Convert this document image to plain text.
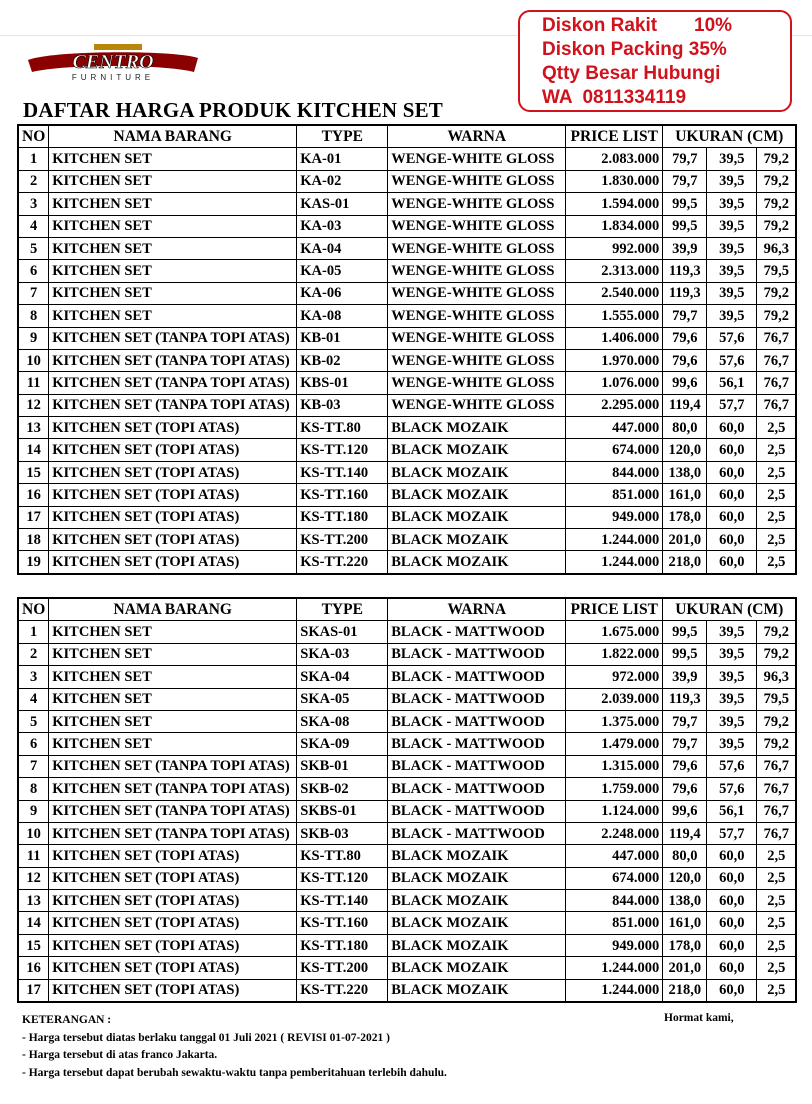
CENTRO
FURNITURE
Diskon Rakit       10%
Diskon Packing 35%
Qtty Besar Hubungi
WA  0811334119
DAFTAR HARGA PRODUK KITCHEN SET
NO	NAMA BARANG	TYPE	WARNA	PRICE LIST	UKURAN (CM)		
1	KITCHEN SET	KA-01	WENGE-WHITE GLOSS	2.083.000	79,7	39,5	79,2
2	KITCHEN SET	KA-02	WENGE-WHITE GLOSS	1.830.000	79,7	39,5	79,2
3	KITCHEN SET	KAS-01	WENGE-WHITE GLOSS	1.594.000	99,5	39,5	79,2
4	KITCHEN SET	KA-03	WENGE-WHITE GLOSS	1.834.000	99,5	39,5	79,2
5	KITCHEN SET	KA-04	WENGE-WHITE GLOSS	992.000	39,9	39,5	96,3
6	KITCHEN SET	KA-05	WENGE-WHITE GLOSS	2.313.000	119,3	39,5	79,5
7	KITCHEN SET	KA-06	WENGE-WHITE GLOSS	2.540.000	119,3	39,5	79,2
8	KITCHEN SET	KA-08	WENGE-WHITE GLOSS	1.555.000	79,7	39,5	79,2
9	KITCHEN SET (TANPA TOPI ATAS)	KB-01	WENGE-WHITE GLOSS	1.406.000	79,6	57,6	76,7
10	KITCHEN SET (TANPA TOPI ATAS)	KB-02	WENGE-WHITE GLOSS	1.970.000	79,6	57,6	76,7
11	KITCHEN SET (TANPA TOPI ATAS)	KBS-01	WENGE-WHITE GLOSS	1.076.000	99,6	56,1	76,7
12	KITCHEN SET (TANPA TOPI ATAS)	KB-03	WENGE-WHITE GLOSS	2.295.000	119,4	57,7	76,7
13	KITCHEN SET (TOPI ATAS)	KS-TT.80	BLACK MOZAIK	447.000	80,0	60,0	2,5
14	KITCHEN SET (TOPI ATAS)	KS-TT.120	BLACK MOZAIK	674.000	120,0	60,0	2,5
15	KITCHEN SET (TOPI ATAS)	KS-TT.140	BLACK MOZAIK	844.000	138,0	60,0	2,5
16	KITCHEN SET (TOPI ATAS)	KS-TT.160	BLACK MOZAIK	851.000	161,0	60,0	2,5
17	KITCHEN SET (TOPI ATAS)	KS-TT.180	BLACK MOZAIK	949.000	178,0	60,0	2,5
18	KITCHEN SET (TOPI ATAS)	KS-TT.200	BLACK MOZAIK	1.244.000	201,0	60,0	2,5
19	KITCHEN SET (TOPI ATAS)	KS-TT.220	BLACK MOZAIK	1.244.000	218,0	60,0	2,5
NO	NAMA BARANG	TYPE	WARNA	PRICE LIST	UKURAN (CM)		
1	KITCHEN SET	SKAS-01	BLACK - MATTWOOD	1.675.000	99,5	39,5	79,2
2	KITCHEN SET	SKA-03	BLACK - MATTWOOD	1.822.000	99,5	39,5	79,2
3	KITCHEN SET	SKA-04	BLACK - MATTWOOD	972.000	39,9	39,5	96,3
4	KITCHEN SET	SKA-05	BLACK - MATTWOOD	2.039.000	119,3	39,5	79,5
5	KITCHEN SET	SKA-08	BLACK - MATTWOOD	1.375.000	79,7	39,5	79,2
6	KITCHEN SET	SKA-09	BLACK - MATTWOOD	1.479.000	79,7	39,5	79,2
7	KITCHEN SET (TANPA TOPI ATAS)	SKB-01	BLACK - MATTWOOD	1.315.000	79,6	57,6	76,7
8	KITCHEN SET (TANPA TOPI ATAS)	SKB-02	BLACK - MATTWOOD	1.759.000	79,6	57,6	76,7
9	KITCHEN SET (TANPA TOPI ATAS)	SKBS-01	BLACK - MATTWOOD	1.124.000	99,6	56,1	76,7
10	KITCHEN SET (TANPA TOPI ATAS)	SKB-03	BLACK - MATTWOOD	2.248.000	119,4	57,7	76,7
11	KITCHEN SET (TOPI ATAS)	KS-TT.80	BLACK MOZAIK	447.000	80,0	60,0	2,5
12	KITCHEN SET (TOPI ATAS)	KS-TT.120	BLACK MOZAIK	674.000	120,0	60,0	2,5
13	KITCHEN SET (TOPI ATAS)	KS-TT.140	BLACK MOZAIK	844.000	138,0	60,0	2,5
14	KITCHEN SET (TOPI ATAS)	KS-TT.160	BLACK MOZAIK	851.000	161,0	60,0	2,5
15	KITCHEN SET (TOPI ATAS)	KS-TT.180	BLACK MOZAIK	949.000	178,0	60,0	2,5
16	KITCHEN SET (TOPI ATAS)	KS-TT.200	BLACK MOZAIK	1.244.000	201,0	60,0	2,5
17	KITCHEN SET (TOPI ATAS)	KS-TT.220	BLACK MOZAIK	1.244.000	218,0	60,0	2,5
KETERANGAN :
- Harga tersebut diatas berlaku tanggal 01 Juli 2021 ( REVISI 01-07-2021 )
- Harga tersebut di atas franco Jakarta.
- Harga tersebut dapat berubah sewaktu-waktu tanpa pemberitahuan terlebih dahulu.
Hormat kami,
